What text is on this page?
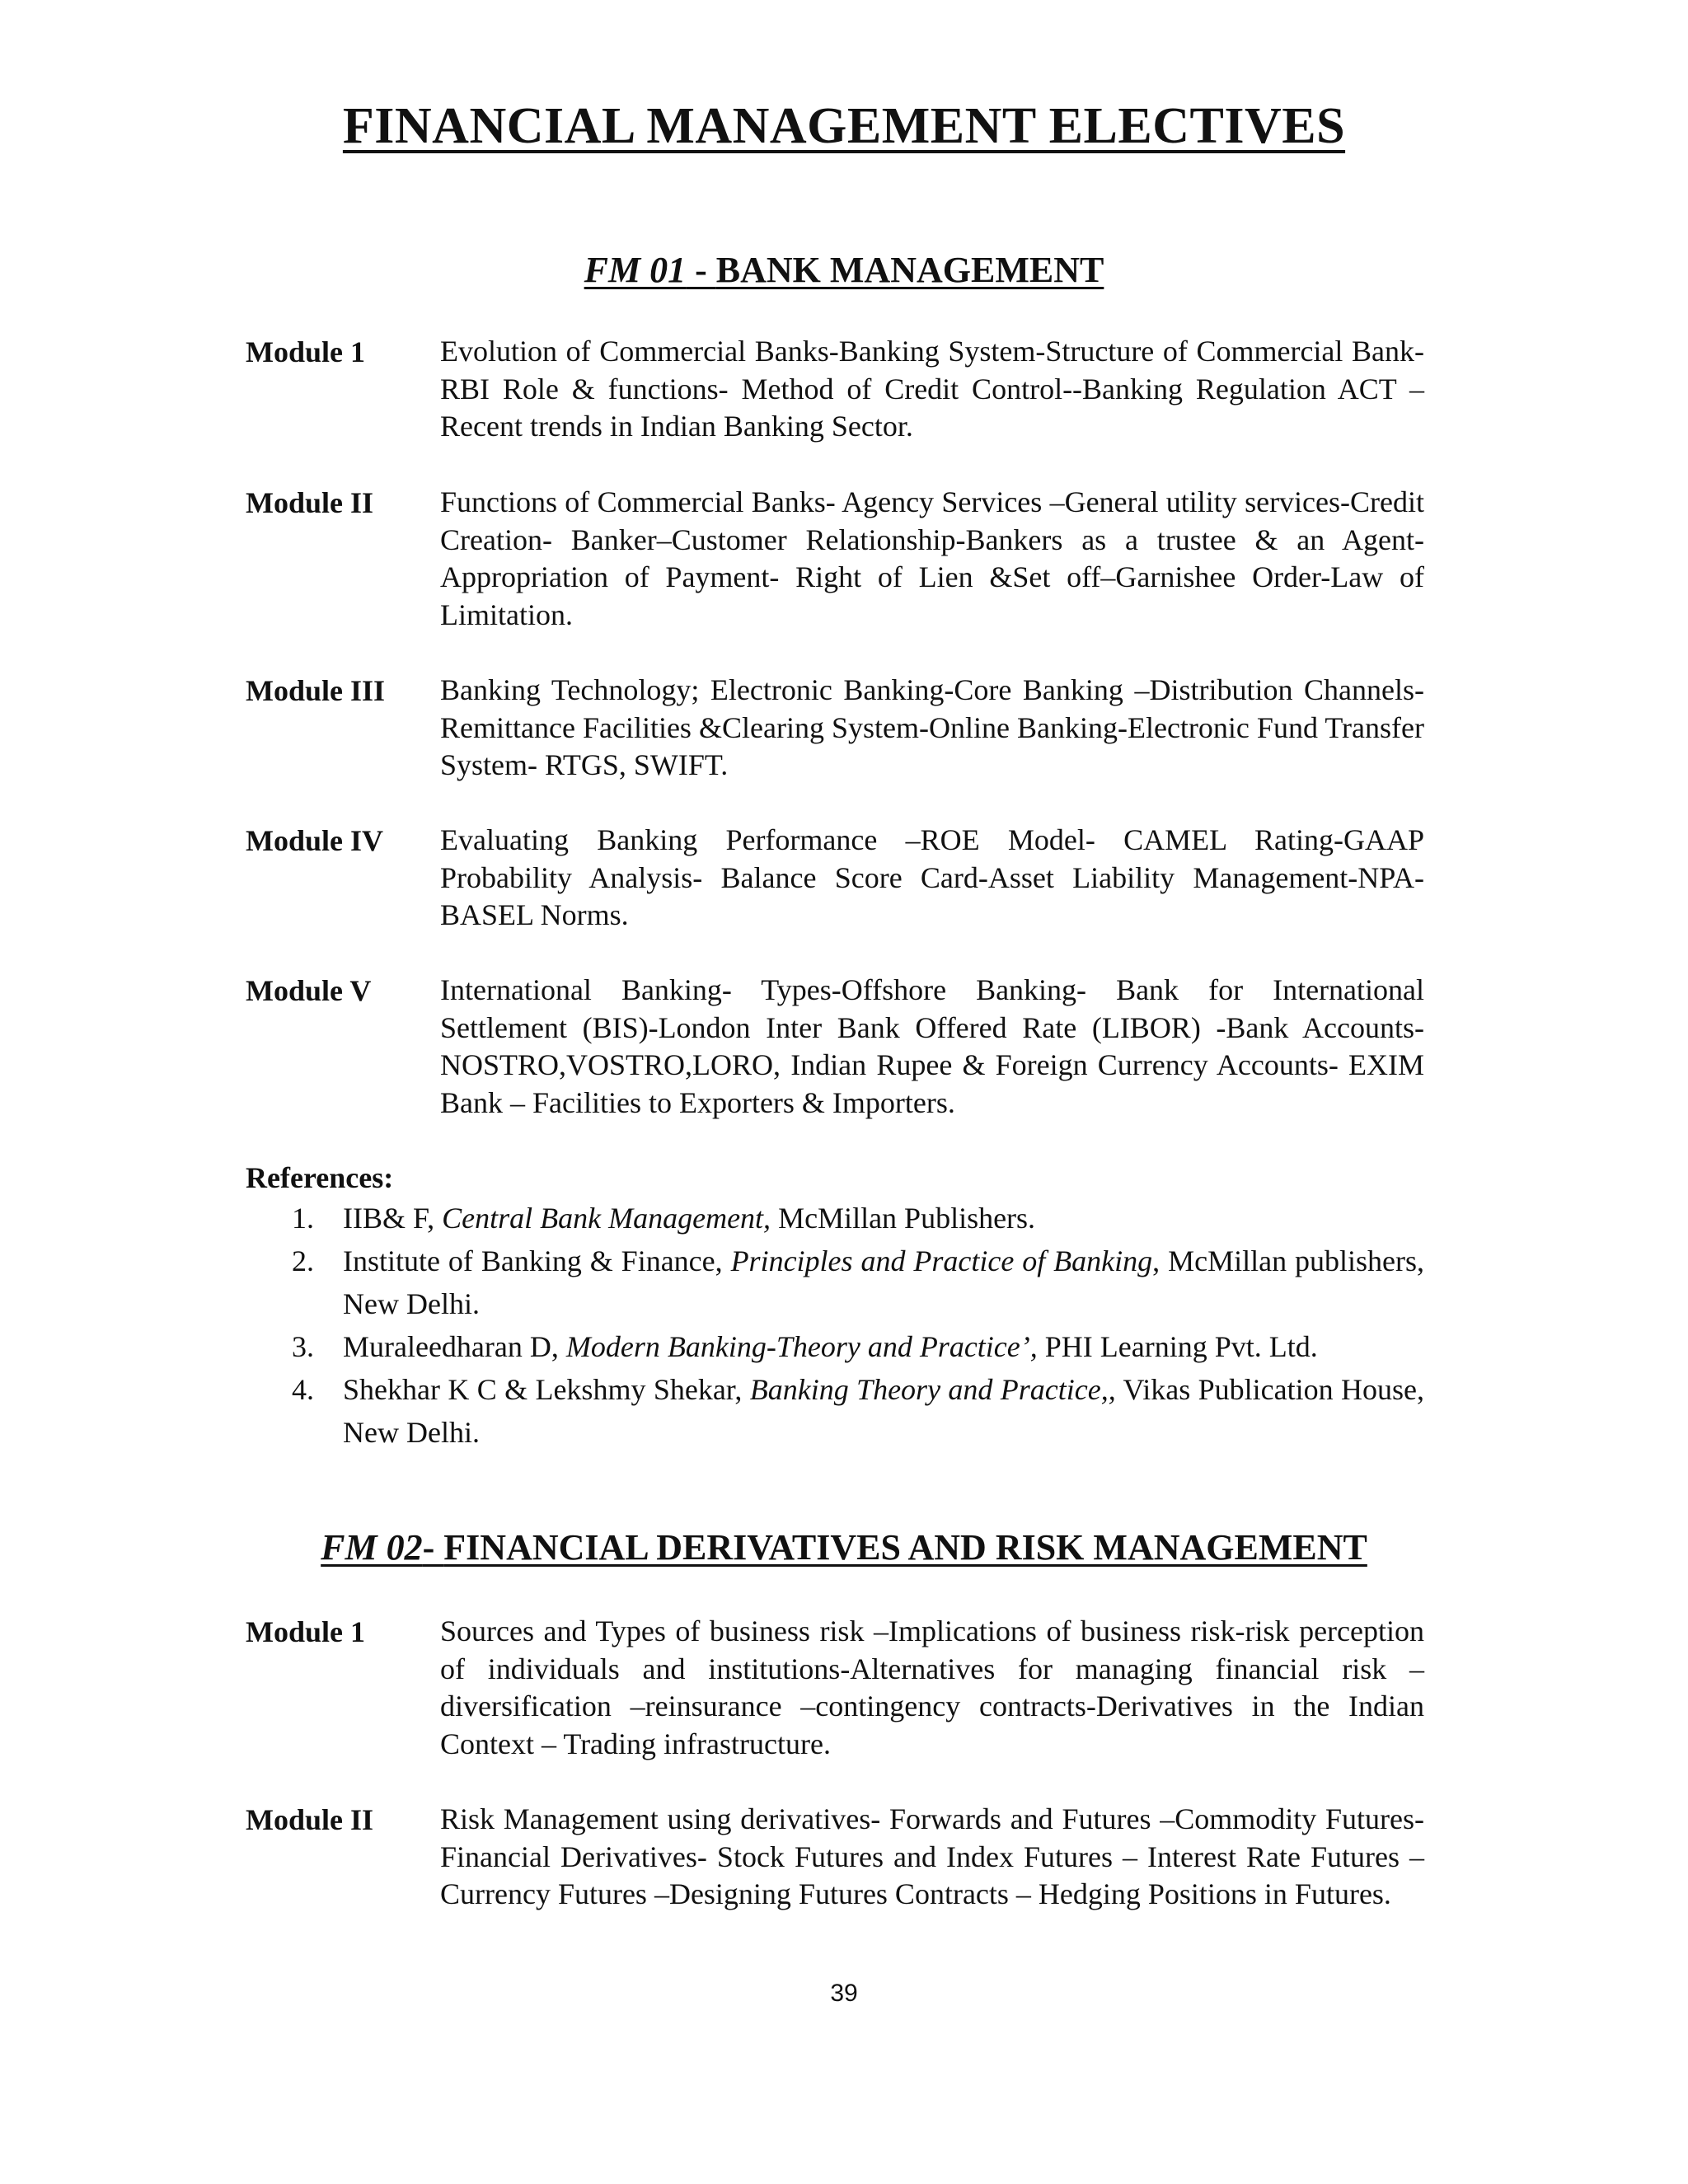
FINANCIAL MANAGEMENT ELECTIVES
FM 01 - BANK MANAGEMENT
Module 1	Evolution of Commercial Banks-Banking System-Structure of Commercial Bank-RBI Role & functions- Method of Credit Control--Banking Regulation ACT –Recent trends in Indian Banking Sector.
Module II	Functions of Commercial Banks- Agency Services –General utility services-Credit Creation- Banker–Customer Relationship-Bankers as a trustee & an Agent-Appropriation of Payment- Right of Lien &Set off–Garnishee Order-Law of Limitation.
Module III	Banking Technology; Electronic Banking-Core Banking –Distribution Channels- Remittance Facilities &Clearing System-Online Banking-Electronic Fund Transfer System- RTGS, SWIFT.
Module IV	Evaluating Banking Performance –ROE Model- CAMEL Rating-GAAP Probability Analysis- Balance Score Card-Asset Liability Management-NPA- BASEL Norms.
Module V	International Banking- Types-Offshore Banking- Bank for International Settlement (BIS)-London Inter Bank Offered Rate (LIBOR) -Bank Accounts- NOSTRO,VOSTRO,LORO, Indian Rupee & Foreign Currency Accounts- EXIM Bank – Facilities to Exporters & Importers.
References:
1. IIB& F, Central Bank Management, McMillan Publishers.
2. Institute of Banking & Finance, Principles and Practice of Banking, McMillan publishers, New Delhi.
3. Muraleedharan D, Modern Banking-Theory and Practice’, PHI Learning Pvt. Ltd.
4. Shekhar K C & Lekshmy Shekar, Banking Theory and Practice,, Vikas Publication House, New Delhi.
FM 02- FINANCIAL DERIVATIVES AND RISK MANAGEMENT
Module 1	Sources and Types of business risk –Implications of business risk-risk perception of individuals and institutions-Alternatives for managing financial risk –diversification –reinsurance –contingency contracts-Derivatives in the Indian Context – Trading infrastructure.
Module II	Risk Management using derivatives- Forwards and Futures –Commodity Futures- Financial Derivatives- Stock Futures and Index Futures – Interest Rate Futures – Currency Futures –Designing Futures Contracts – Hedging Positions in Futures.
39
